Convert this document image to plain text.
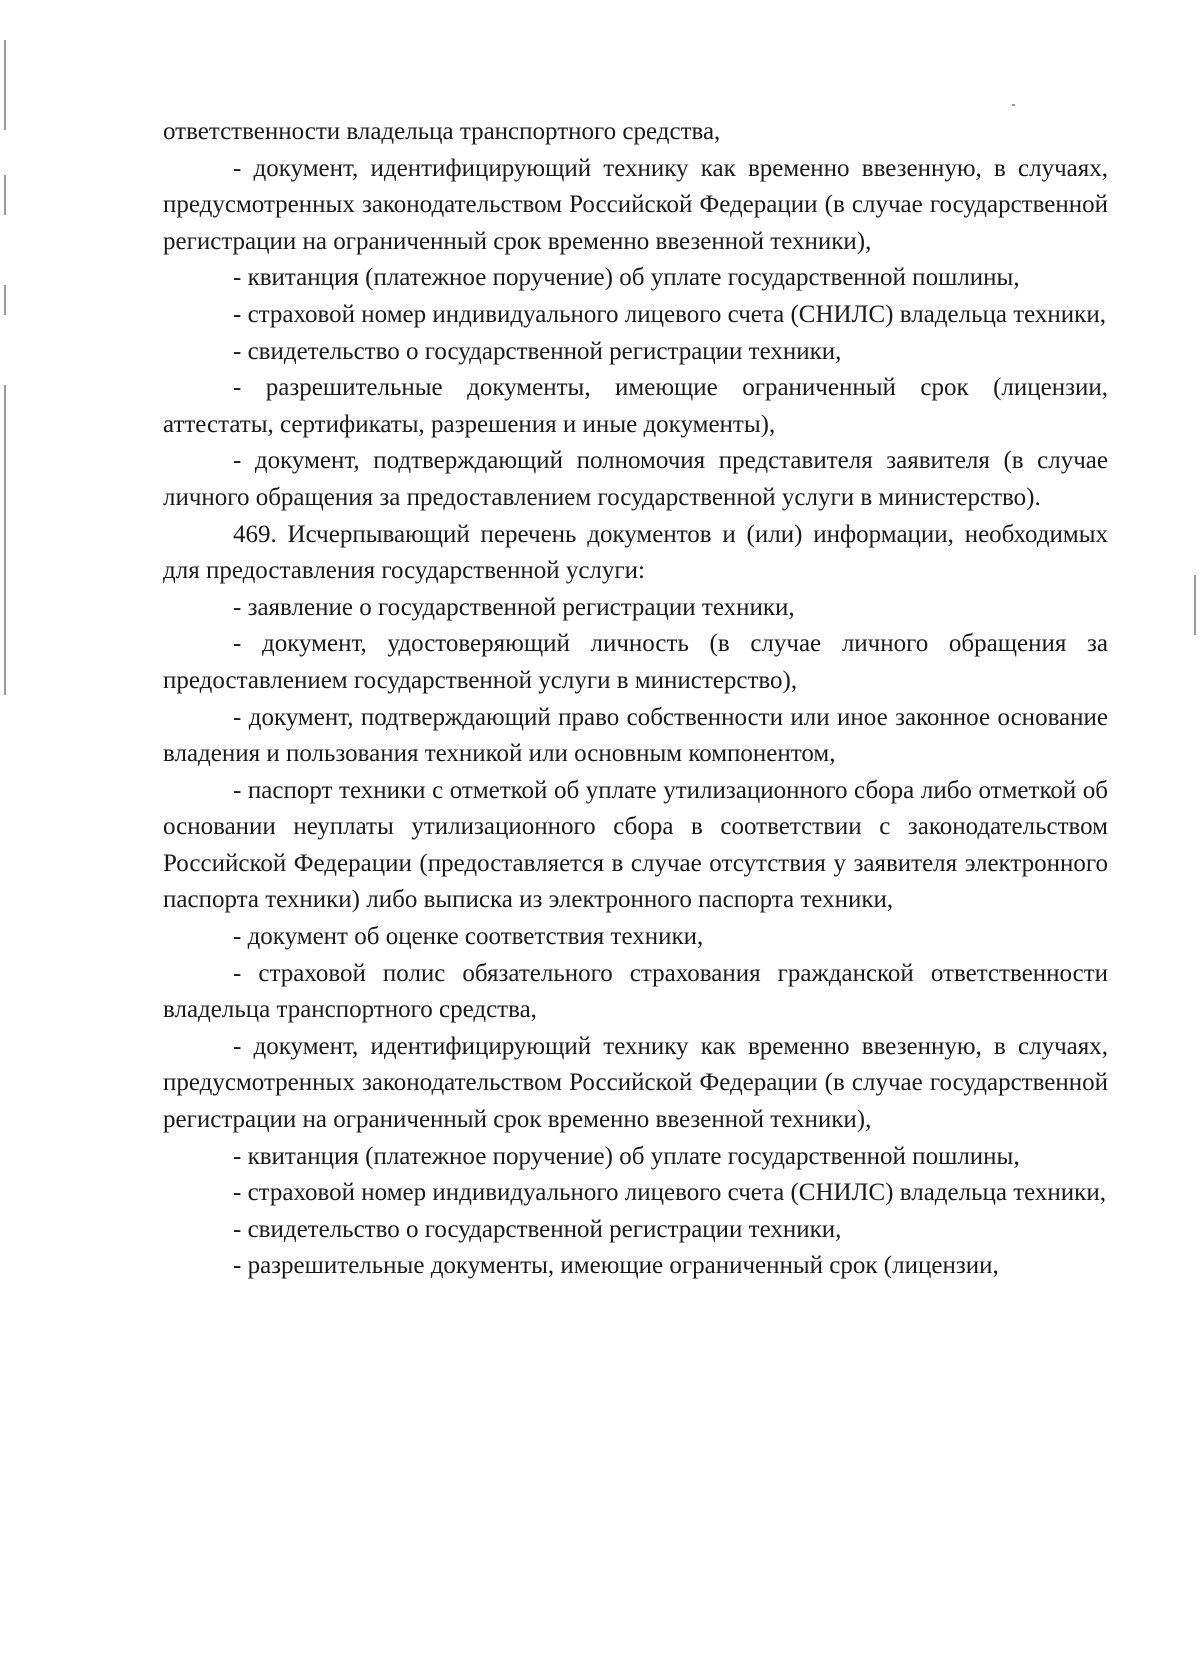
ответственности владельца транспортного средства,

- документ, идентифицирующий технику как временно ввезенную, в случаях, предусмотренных законодательством Российской Федерации (в случае государственной регистрации на ограниченный срок временно ввезенной техники),

- квитанция (платежное поручение) об уплате государственной пошлины,

- страховой номер индивидуального лицевого счета (СНИЛС) владельца техники,

- свидетельство о государственной регистрации техники,

- разрешительные документы, имеющие ограниченный срок (лицензии, аттестаты, сертификаты, разрешения и иные документы),

- документ, подтверждающий полномочия представителя заявителя (в случае личного обращения за предоставлением государственной услуги в министерство).

469. Исчерпывающий перечень документов и (или) информации, необходимых для предоставления государственной услуги:

- заявление о государственной регистрации техники,

- документ, удостоверяющий личность (в случае личного обращения за предоставлением государственной услуги в министерство),

- документ, подтверждающий право собственности или иное законное основание владения и пользования техникой или основным компонентом,

- паспорт техники с отметкой об уплате утилизационного сбора либо отметкой об основании неуплаты утилизационного сбора в соответствии с законодательством Российской Федерации (предоставляется в случае отсутствия у заявителя электронного паспорта техники) либо выписка из электронного паспорта техники,

- документ об оценке соответствия техники,

- страховой полис обязательного страхования гражданской ответственности владельца транспортного средства,

- документ, идентифицирующий технику как временно ввезенную, в случаях, предусмотренных законодательством Российской Федерации (в случае государственной регистрации на ограниченный срок временно ввезенной техники),

- квитанция (платежное поручение) об уплате государственной пошлины,

- страховой номер индивидуального лицевого счета (СНИЛС) владельца техники,

- свидетельство о государственной регистрации техники,

- разрешительные документы, имеющие ограниченный срок (лицензии,
